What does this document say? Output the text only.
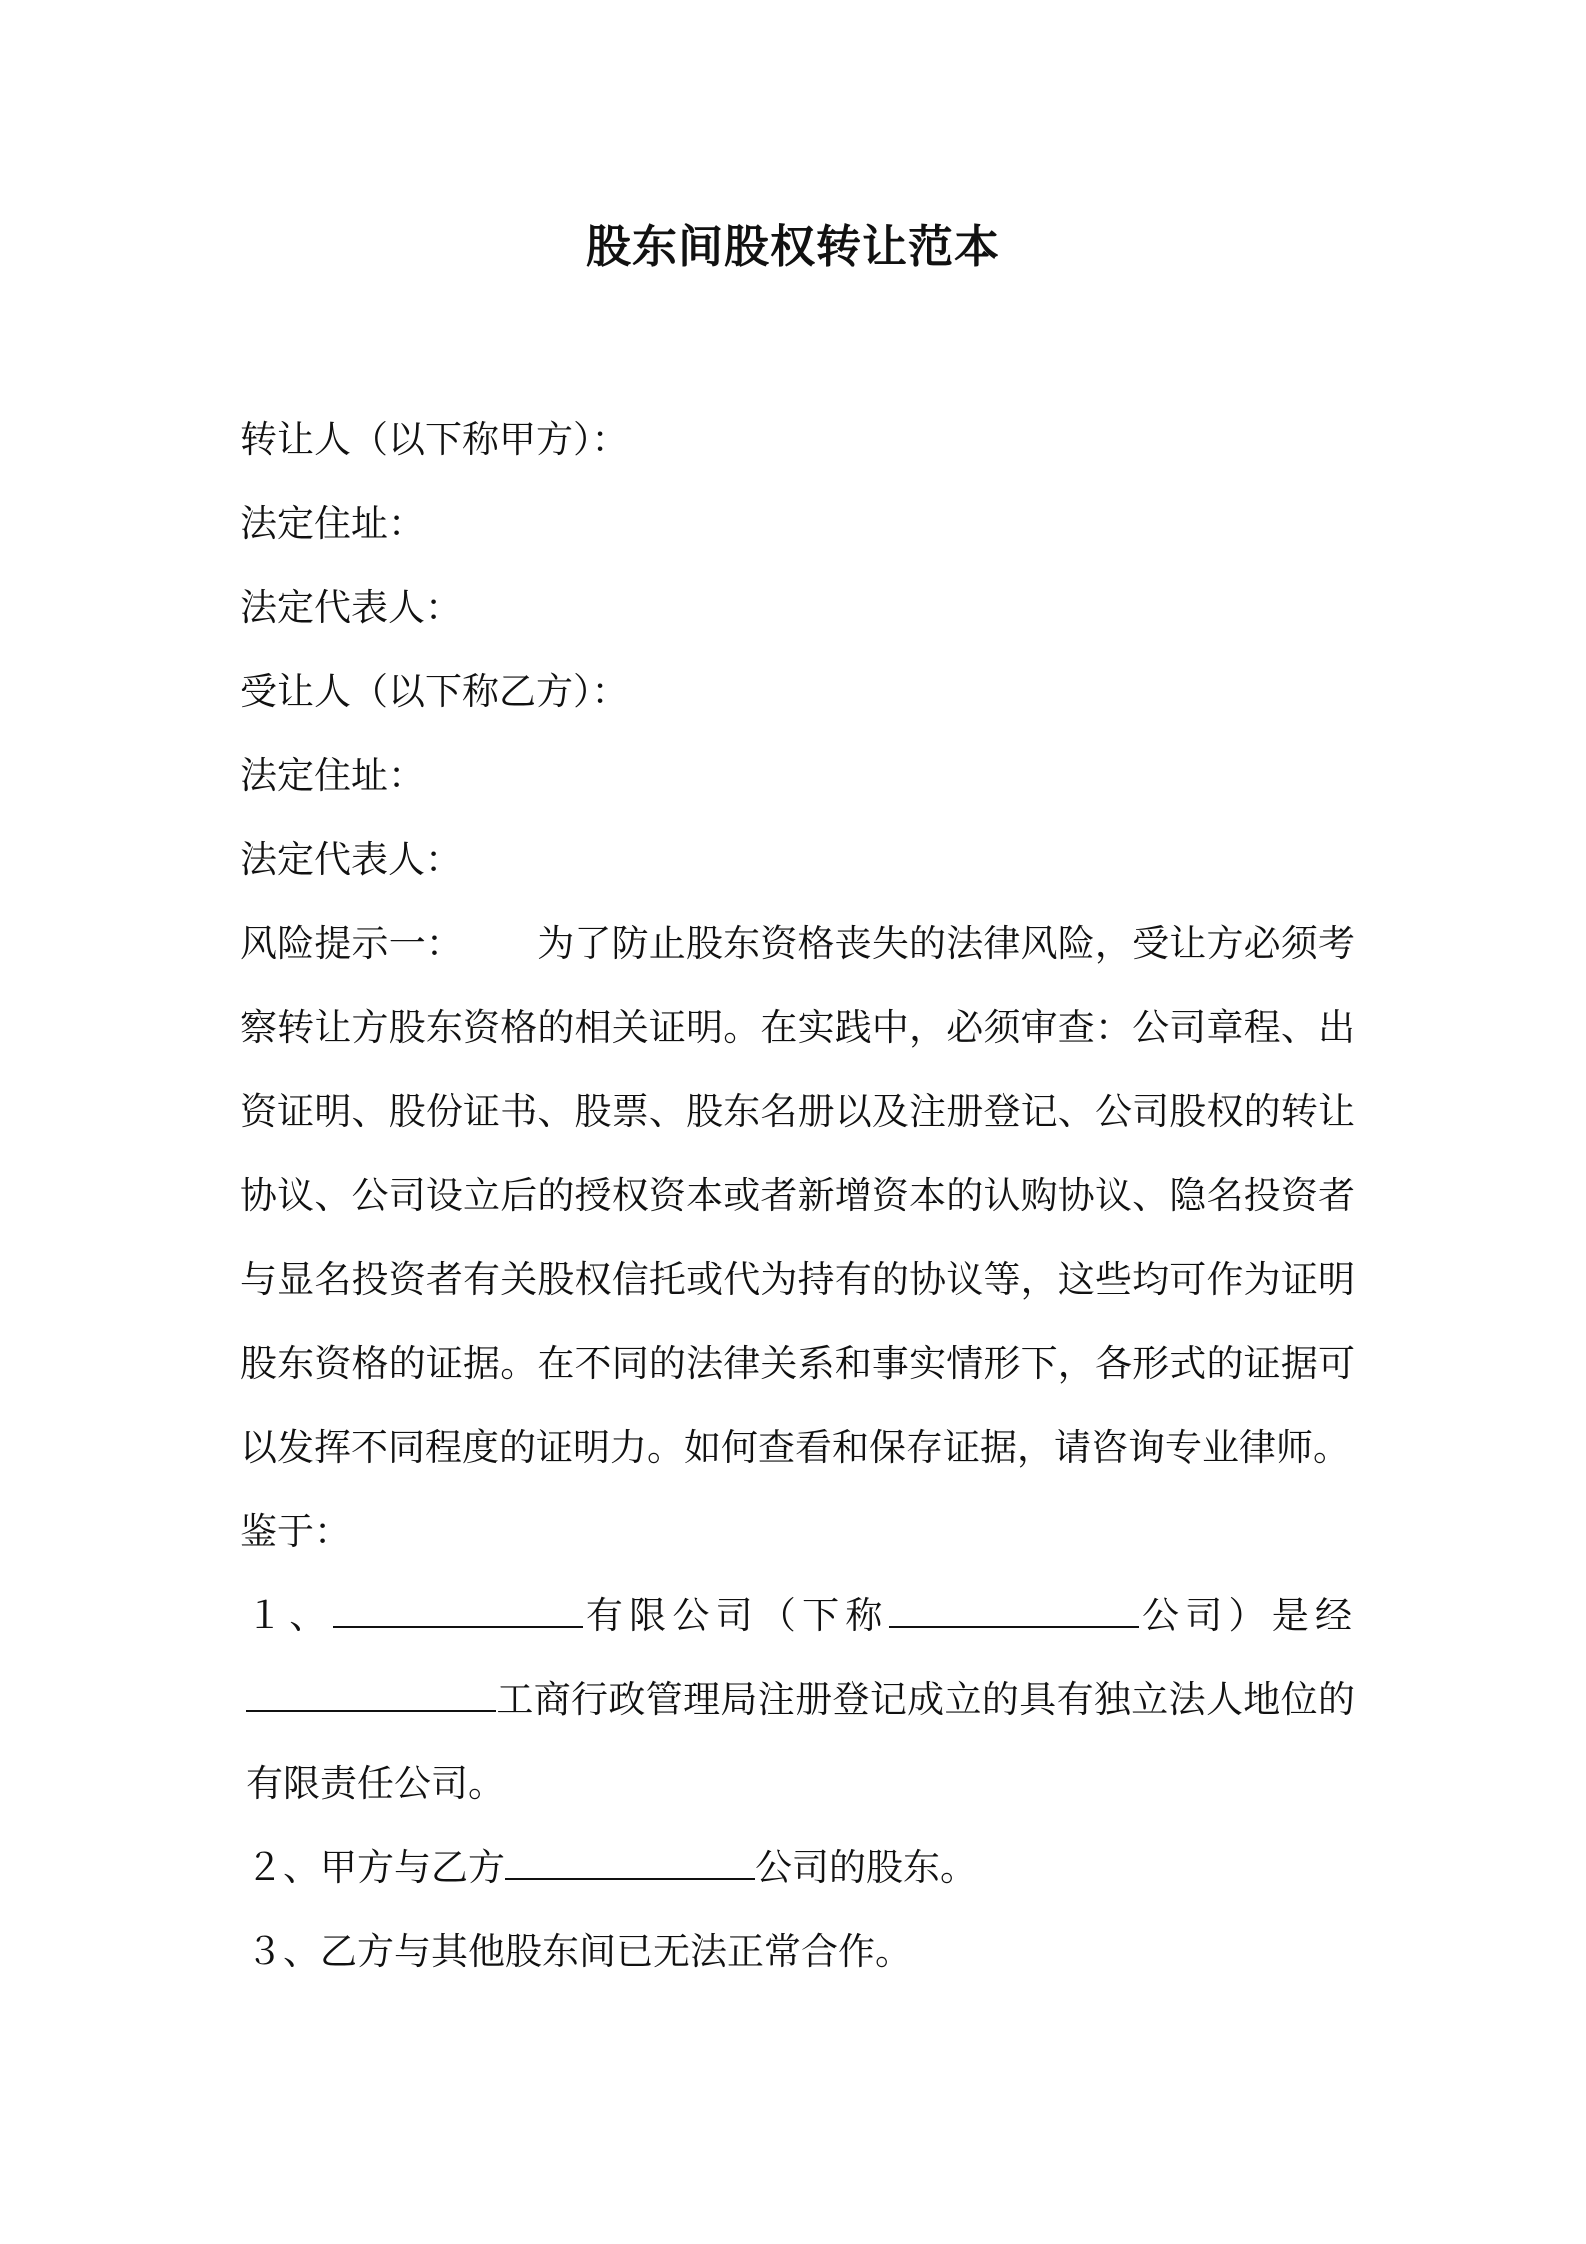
股东间股权转让范本
转让人（以下称甲方）：
法定住址：
法定代表人：
受让人（以下称乙方）：
法定住址：
法定代表人：
风险提示一： 为了防止股东资格丧失的法律风险，受让方必须考察转让方股东资格的相关证明。在实践中，必须审查：公司章程、出资证明、股份证书、股票、股东名册以及注册登记、公司股权的转让协议、公司设立后的授权资本或者新增资本的认购协议、隐名投资者与显名投资者有关股权信托或代为持有的协议等，这些均可作为证明股东资格的证据。在不同的法律关系和事实情形下，各形式的证据可以发挥不同程度的证明力。如何查看和保存证据，请咨询专业律师。
鉴于：
１、	有限公司（下称	公司）是经工商行政管理局注册登记成立的具有独立法人地位的有限责任公司。
２、甲方与乙方	公司的股东。
３、乙方与其他股东间已无法正常合作。
